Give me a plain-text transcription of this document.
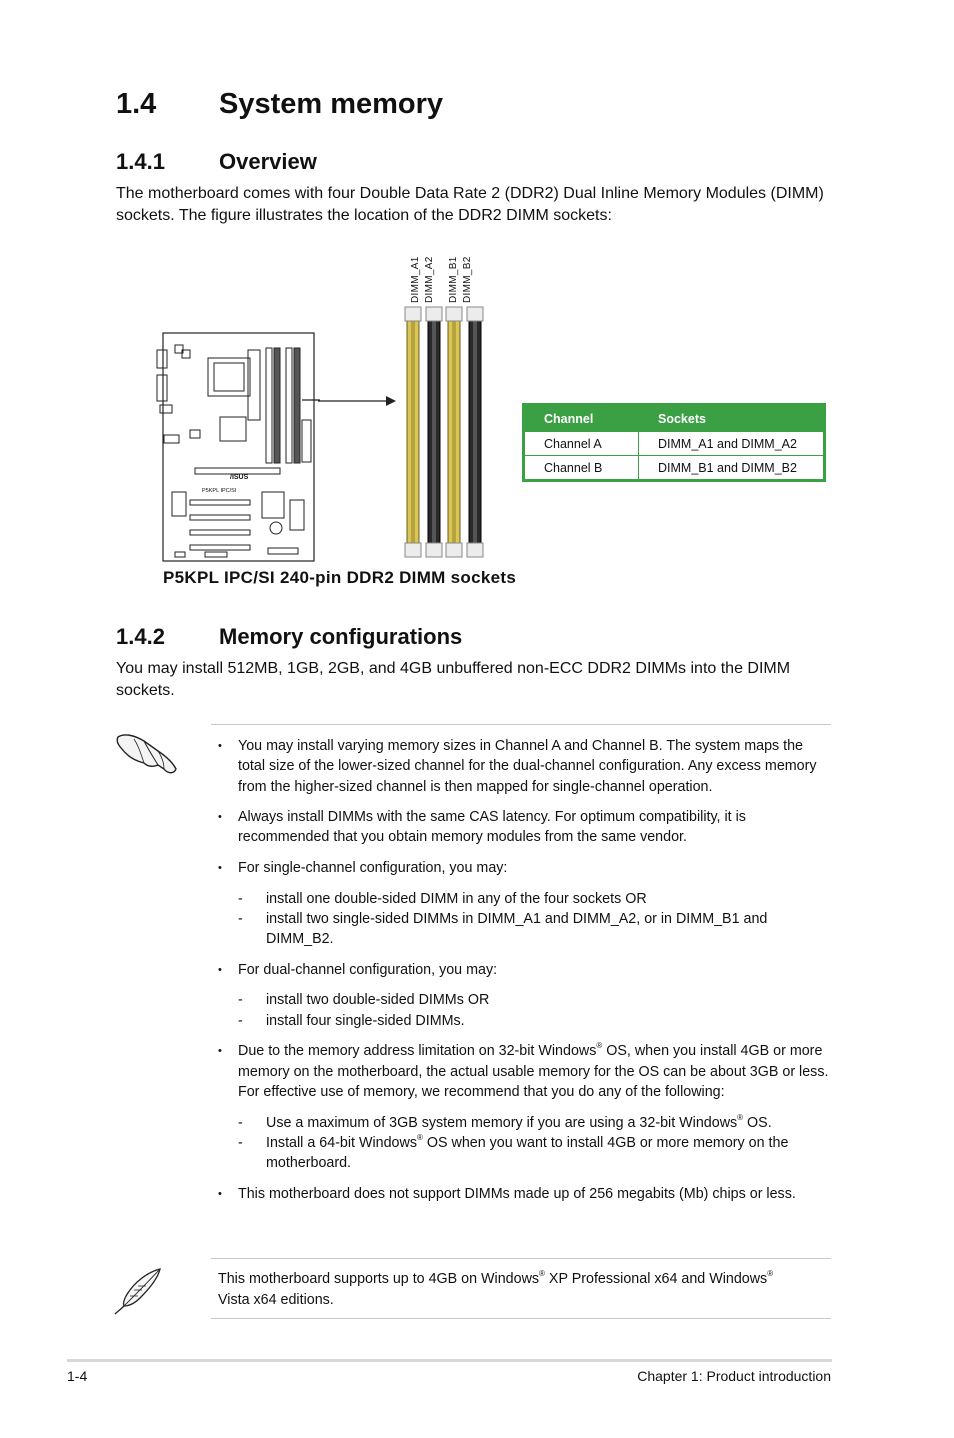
1.4 System memory
1.4.1 Overview
The motherboard comes with four Double Data Rate 2 (DDR2) Dual Inline Memory Modules (DIMM) sockets. The figure illustrates the location of the DDR2 DIMM sockets:
/ISUS
P5KPL IPC/SI
DIMM_A1 DIMM_A2 DIMM_B1 DIMM_B2
P5KPL IPC/SI 240-pin DDR2 DIMM sockets
Channel	Sockets
Channel A	DIMM_A1 and DIMM_A2
Channel B	DIMM_B1 and DIMM_B2
1.4.2 Memory configurations
You may install 512MB, 1GB, 2GB, and 4GB unbuffered non-ECC DDR2 DIMMs into the DIMM sockets.
• You may install varying memory sizes in Channel A and Channel B. The system maps the total size of the lower-sized channel for the dual-channel configuration. Any excess memory from the higher-sized channel is then mapped for single-channel operation.
• Always install DIMMs with the same CAS latency. For optimum compatibility, it is recommended that you obtain memory modules from the same vendor.
• For single-channel configuration, you may:
- install one double-sided DIMM in any of the four sockets OR
- install two single-sided DIMMs in DIMM_A1 and DIMM_A2, or in DIMM_B1 and DIMM_B2.
• For dual-channel configuration, you may:
- install two double-sided DIMMs OR
- install four single-sided DIMMs.
• Due to the memory address limitation on 32-bit Windows® OS, when you install 4GB or more memory on the motherboard, the actual usable memory for the OS can be about 3GB or less. For effective use of memory, we recommend that you do any of the following:
- Use a maximum of 3GB system memory if you are using a 32-bit Windows® OS.
- Install a 64-bit Windows® OS when you want to install 4GB or more memory on the motherboard.
• This motherboard does not support DIMMs made up of 256 megabits (Mb) chips or less.
This motherboard supports up to 4GB on Windows® XP Professional x64 and Windows®
Vista x64 editions.
1-4	Chapter 1: Product introduction
